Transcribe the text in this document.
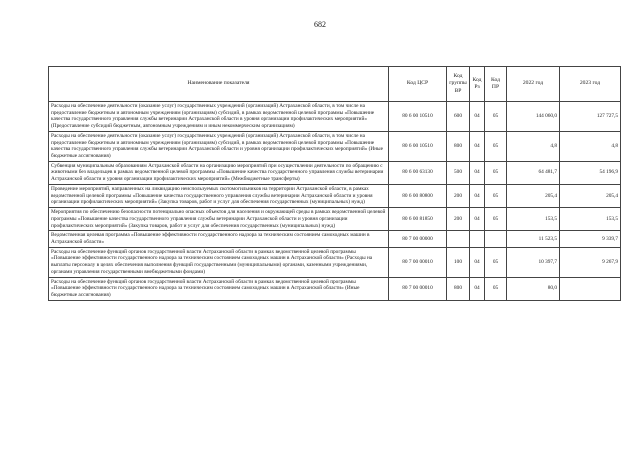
682
Наименование показателя	Код ЦСР	Код группы ВР	Код Рз	Код ПР	2022 год	2023 год
Расходы на обеспечение деятельности (оказание услуг) государственных учреждений (организаций) Астраханской области, в том числе на предоставление бюджетным и автономным учреждениям (организациям) субсидий, в рамках ведомственной целевой программы «Повышение качества государственного управления службы ветеринарии Астраханской области в уровня организации профилактических мероприятий» (Предоставление субсидий бюджетным, автономным учреждениям и иным некоммерческим организациям)	80 6 00 10510	600	04	05	144 060,0	127 727,5
Расходы на обеспечение деятельности (оказание услуг) государственных учреждений (организаций) Астраханской области, в том числе на предоставление бюджетным и автономным учреждениям (организациям) субсидий, в рамках ведомственной целевой программы «Повышение качества государственного управления службы ветеринарии Астраханской области и уровня организации профилактических мероприятий» (Иные бюджетные ассигнования)	80 6 00 10510	800	04	05	4,8	4,8
Субвенция муниципальным образованиям Астраханской области на организацию мероприятий при осуществлении деятельности по обращению с животными без владельцев в рамках ведомственной целевой программы «Повышение качества государственного управления службы ветеринарии Астраханской области и уровня организации профилактических мероприятий» (Межбюджетные трансферты)	80 6 00 63130	500	04	05	64 481,7	54 196,9
Проведение мероприятий, направленных на ликвидацию неиспользуемых скотомогильников на территории Астраханской области, в рамках ведомственной целевой программы «Повышение качества государственного управления службы ветеринарии Астраханской области и уровня организации профилактических мероприятий» (Закупка товаров, работ и услуг для обеспечения государственных (муниципальных) нужд)	80 6 00 80800	200	04	05	205,4	205,4
Мероприятия по обеспечению безопасности потенциально опасных объектов для населения и окружающей среды в рамках ведомственной целевой программы «Повышение качества государственного управления службы ветеринарии Астраханской области и уровня организации профилактических мероприятий» (Закупка товаров, работ и услуг для обеспечения государственных (муниципальных) нужд)	80 6 00 81850	200	04	05	153,5	153,5
Ведомственная целевая программа «Повышение эффективности государственного надзора за техническим состоянием самоходных машин в Астраханской области»	80 7 00 00000				11 523,5	9 339,7
Расходы на обеспечение функций органов государственной власти Астраханской области в рамках ведомственной целевой программы «Повышение эффективности государственного надзора за техническим состоянием самоходных машин в Астраханской области» (Расходы на выплаты персоналу в целях обеспечения выполнения функций государственными (муниципальными) органами, казенными учреждениями, органами управления государственными внебюджетными фондами)	80 7 00 00010	100	04	05	10 397,7	9 267,9
Расходы на обеспечение функций органов государственной власти Астраханской области в рамках ведомственной целевой программы «Повышение эффективности государственного надзора за техническим состоянием самоходных машин в Астраханской области» (Иные бюджетные ассигнования)	80 7 00 00010	800	04	05	80,0	
